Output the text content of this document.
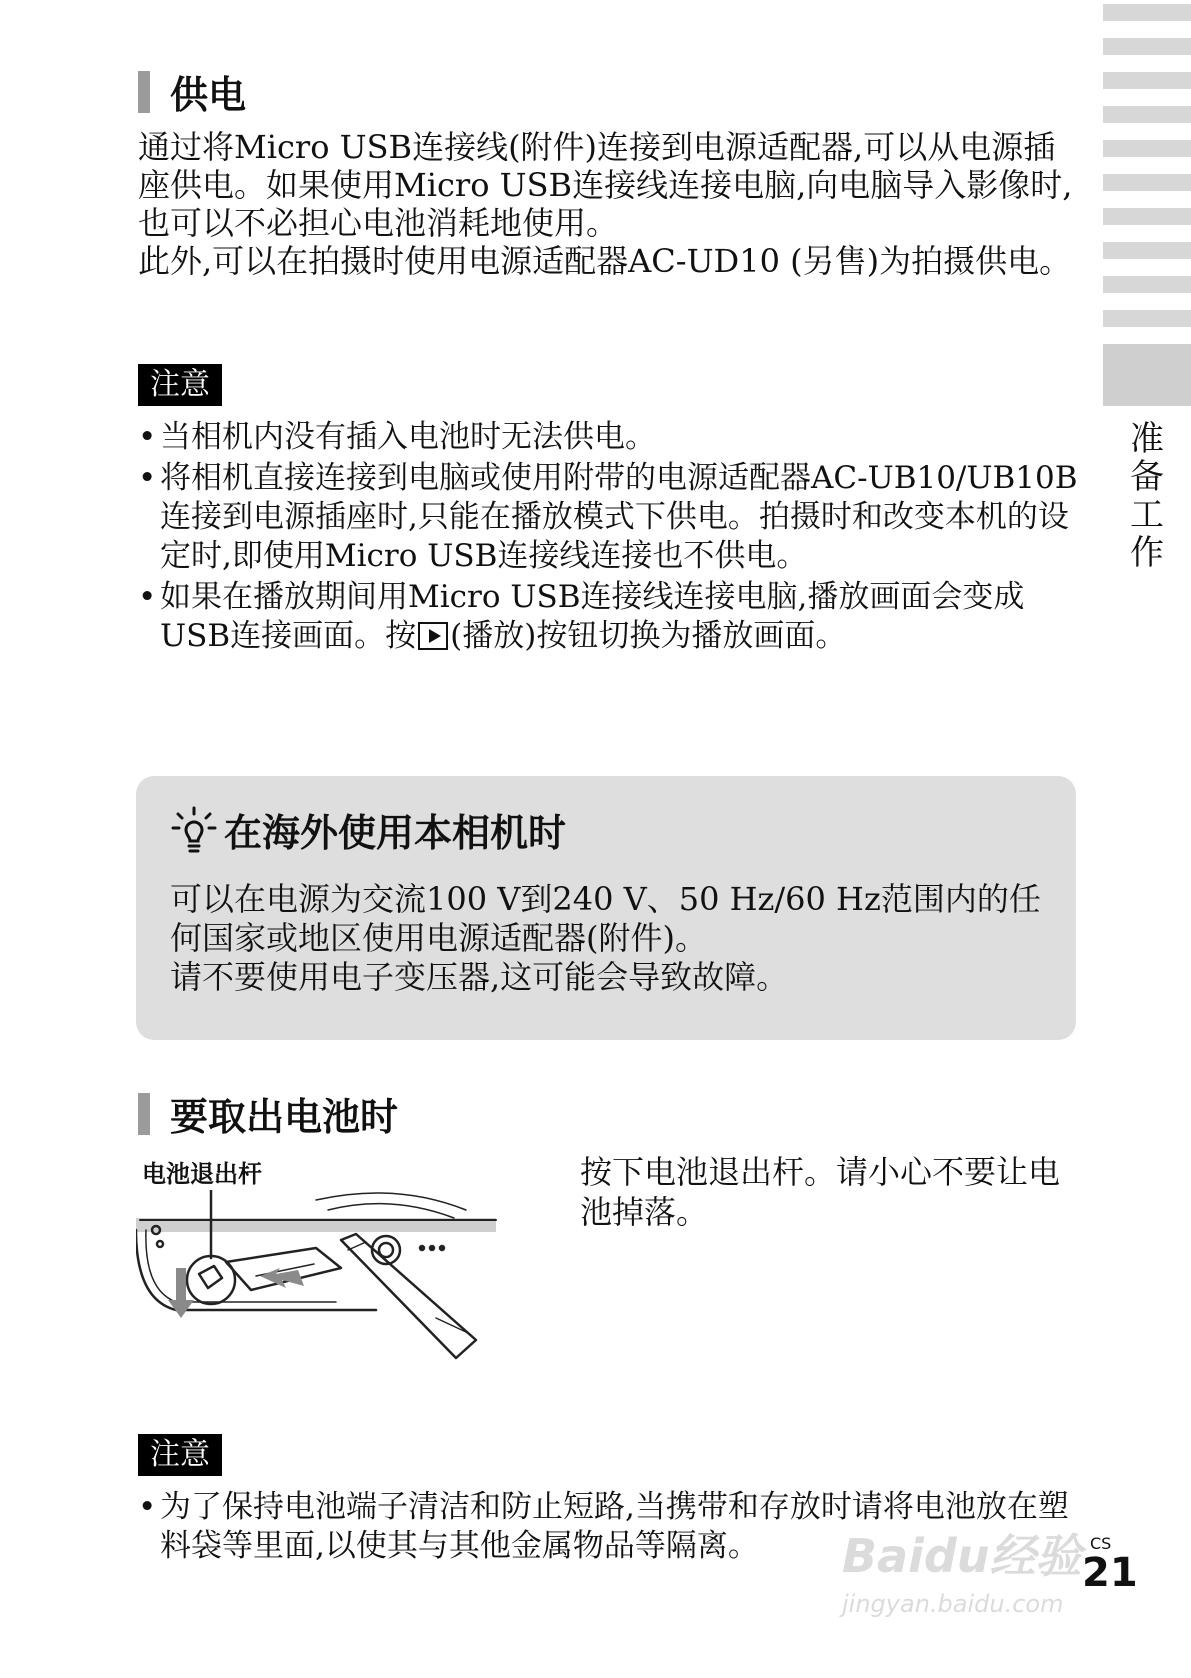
准
备
工
作
供电

通过将Micro USB连接线(附件)连接到电源适配器,可以从电源插座供电。如果使用Micro USB连接线连接电脑,向电脑导入影像时,也可以不必担心电池消耗地使用。

此外,可以在拍摄时使用电源适配器AC-UD10 (另售)为拍摄供电。

注意
• 当相机内没有插入电池时无法供电。
• 将相机直接连接到电脑或使用附带的电源适配器AC-UB10/UB10B连接到电源插座时,只能在播放模式下供电。拍摄时和改变本机的设定时,即使用Micro USB连接线连接也不供电。
• 如果在播放期间用Micro USB连接线连接电脑,播放画面会变成USB连接画面。按 (播放)按钮切换为播放画面。
在海外使用本相机时

可以在电源为交流100 V到240 V、50 Hz/60 Hz范围内的任何国家或地区使用电源适配器(附件)。

请不要使用电子变压器,这可能会导致故障。

要取出电池时
电池退出杆	按下电池退出杆。请小心不要让电池掉落。
注意
• 为了保持电池端子清洁和防止短路,当携带和存放时请将电池放在塑料袋等里面,以使其与其他金属物品等隔离。	Baidu经验
jingyan.baidu.com
CS
21
